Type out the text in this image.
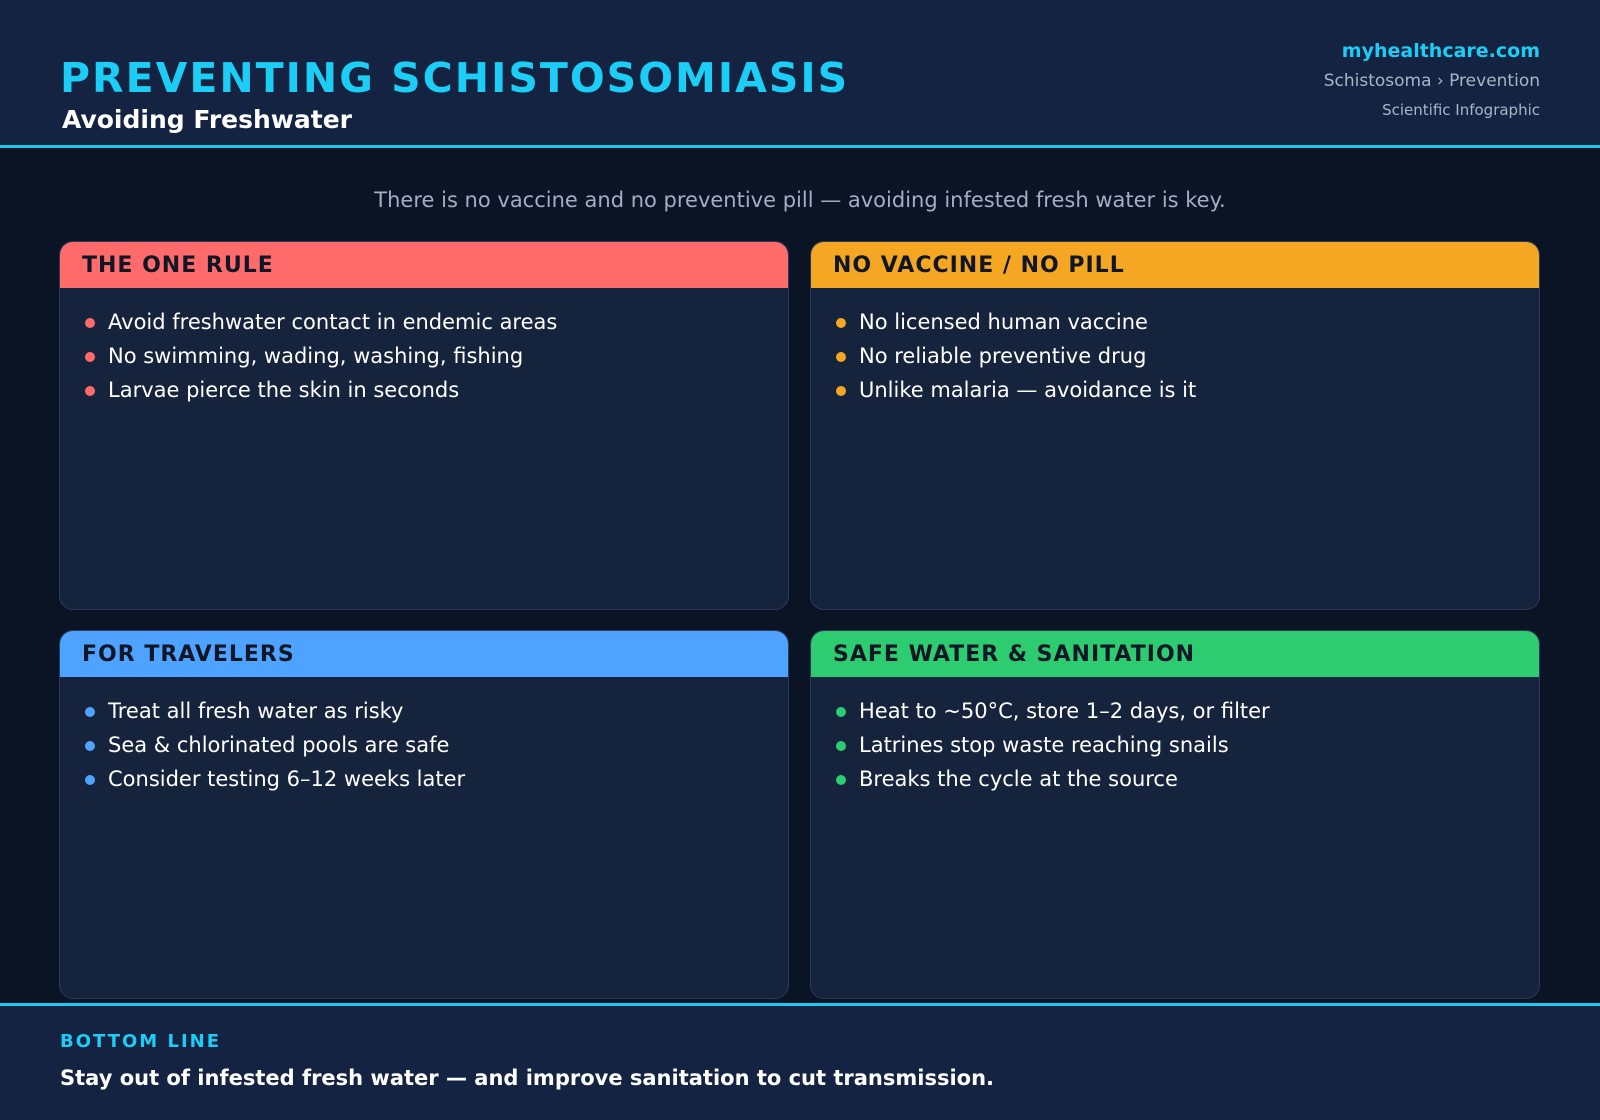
PREVENTING SCHISTOSOMIASIS
Avoiding Freshwater
myhealthcare.com
Schistosoma › Prevention
Scientific Infographic
There is no vaccine and no preventive pill — avoiding infested fresh water is key.
THE ONE RULE
Avoid freshwater contact in endemic areas
No swimming, wading, washing, fishing
Larvae pierce the skin in seconds
NO VACCINE / NO PILL
No licensed human vaccine
No reliable preventive drug
Unlike malaria — avoidance is it
FOR TRAVELERS
Treat all fresh water as risky
Sea & chlorinated pools are safe
Consider testing 6–12 weeks later
SAFE WATER & SANITATION
Heat to ~50°C, store 1–2 days, or filter
Latrines stop waste reaching snails
Breaks the cycle at the source
BOTTOM LINE
Stay out of infested fresh water — and improve sanitation to cut transmission.
